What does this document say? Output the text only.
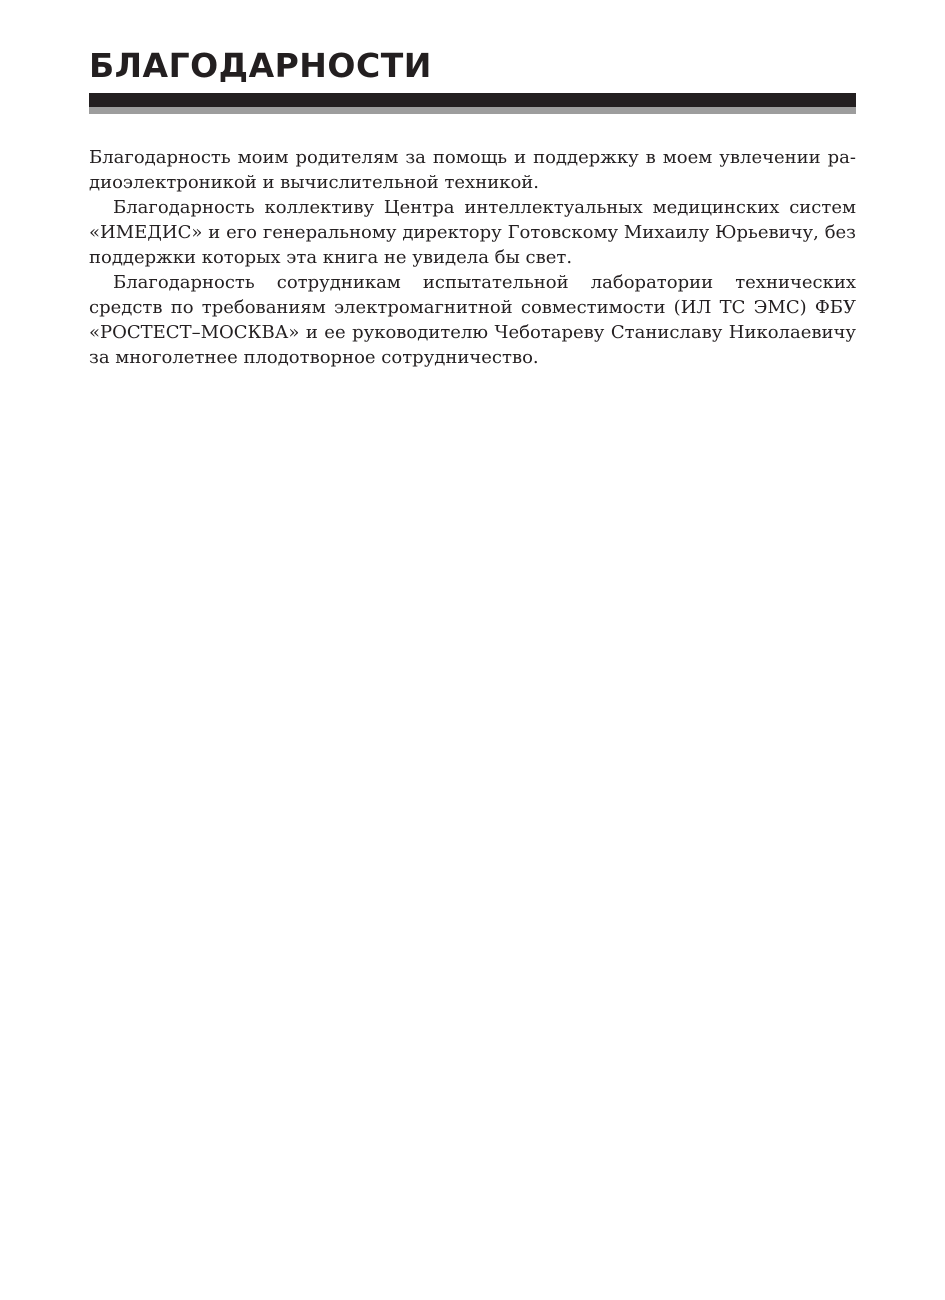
БЛАГОДАРНОСТИ

Благодарность моим родителям за помощь и поддержку в моем увлечении радиоэлектроникой и вычислительной техникой.

Благодарность коллективу Центра интеллектуальных медицинских систем «ИМЕДИС» и его генеральному директору Готовскому Михаилу Юрьевичу, без поддержки которых эта книга не увидела бы свет.

Благодарность сотрудникам испытательной лаборатории технических средств по требованиям электромагнитной совместимости (ИЛ ТС ЭМС) ФБУ «РОСТЕСТ–МОСКВА» и ее руководителю Чеботареву Станиславу Николаевичу за многолетнее плодотворное сотрудничество.
